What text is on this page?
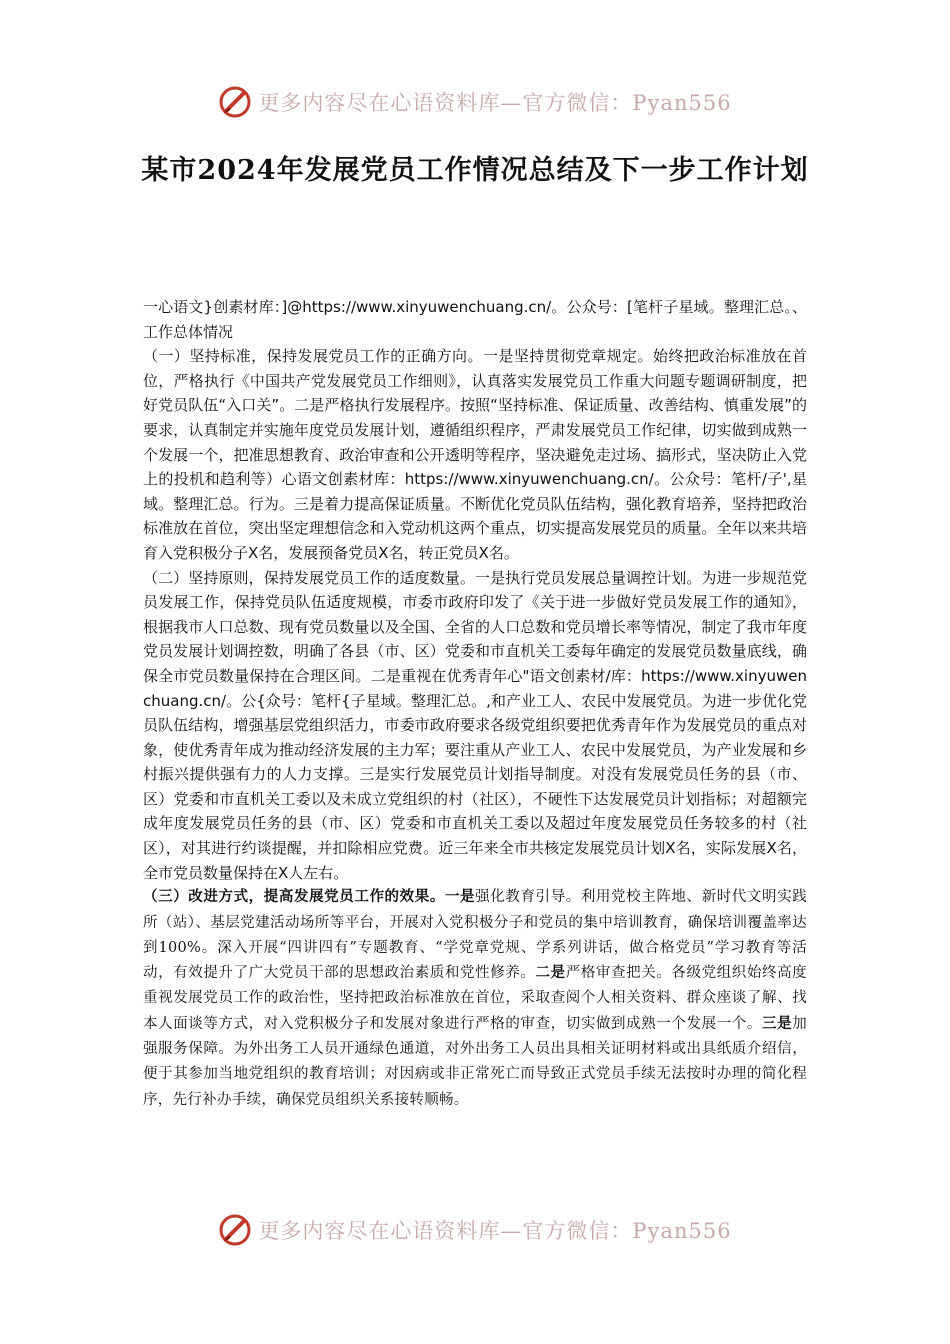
更多内容尽在心语资料库—官方微信：Pyan556
某市2024年发展党员工作情况总结及下一步工作计划

一心语文}创素材库：]@https://www.xinyuwenchuang.cn/。公众号：[笔杆子星域。整理汇总。、工作总体情况

（一）坚持标准，保持发展党员工作的正确方向。一是坚持贯彻党章规定。始终把政治标准放在首位，严格执行《中国共产党发展党员工作细则》，认真落实发展党员工作重大问题专题调研制度，把好党员队伍“入口关”。二是严格执行发展程序。按照“坚持标准、保证质量、改善结构、慎重发展”的要求，认真制定并实施年度党员发展计划，遵循组织程序，严肃发展党员工作纪律，切实做到成熟一个发展一个，把准思想教育、政治审查和公开透明等程序，坚决避免走过场、搞形式，坚决防止入党上的投机和趋利等）心语文创素材库：https://www.xinyuwenchuang.cn/。公众号：笔杆/子',星域。整理汇总。行为。三是着力提高保证质量。不断优化党员队伍结构，强化教育培养，坚持把政治标准放在首位，突出坚定理想信念和入党动机这两个重点，切实提高发展党员的质量。全年以来共培育入党积极分子X名，发展预备党员X名，转正党员X名。

（二）坚持原则，保持发展党员工作的适度数量。一是执行党员发展总量调控计划。为进一步规范党员发展工作，保持党员队伍适度规模，市委市政府印发了《关于进一步做好党员发展工作的通知》，根据我市人口总数、现有党员数量以及全国、全省的人口总数和党员增长率等情况，制定了我市年度党员发展计划调控数，明确了各县（市、区）党委和市直机关工委每年确定的发展党员数量底线，确保全市党员数量保持在合理区间。二是重视在优秀青年心"语文创素材/库：https://www.xinyuwenchuang.cn/。公{众号：笔杆{子星域。整理汇总。,和产业工人、农民中发展党员。为进一步优化党员队伍结构，增强基层党组织活力，市委市政府要求各级党组织要把优秀青年作为发展党员的重点对象，使优秀青年成为推动经济发展的主力军；要注重从产业工人、农民中发展党员，为产业发展和乡村振兴提供强有力的人力支撑。三是实行发展党员计划指导制度。对没有发展党员任务的县（市、区）党委和市直机关工委以及未成立党组织的村（社区），不硬性下达发展党员计划指标；对超额完成年度发展党员任务的县（市、区）党委和市直机关工委以及超过年度发展党员任务较多的村（社区），对其进行约谈提醒，并扣除相应党费。近三年来全市共核定发展党员计划X名，实际发展X名，全市党员数量保持在X人左右。

（三）改进方式，提高发展党员工作的效果。一是强化教育引导。利用党校主阵地、新时代文明实践所（站）、基层党建活动场所等平台，开展对入党积极分子和党员的集中培训教育，确保培训覆盖率达到100%。深入开展“四讲四有”专题教育、“学党章党规、学系列讲话，做合格党员”学习教育等活动，有效提升了广大党员干部的思想政治素质和党性修养。二是严格审查把关。各级党组织始终高度重视发展党员工作的政治性，坚持把政治标准放在首位，采取查阅个人相关资料、群众座谈了解、找本人面谈等方式，对入党积极分子和发展对象进行严格的审查，切实做到成熟一个发展一个。三是加强服务保障。为外出务工人员开通绿色通道，对外出务工人员出具相关证明材料或出具纸质介绍信，便于其参加当地党组织的教育培训；对因病或非正常死亡而导致正式党员手续无法按时办理的简化程序，先行补办手续，确保党员组织关系接转顺畅。

更多内容尽在心语资料库—官方微信：Pyan556
